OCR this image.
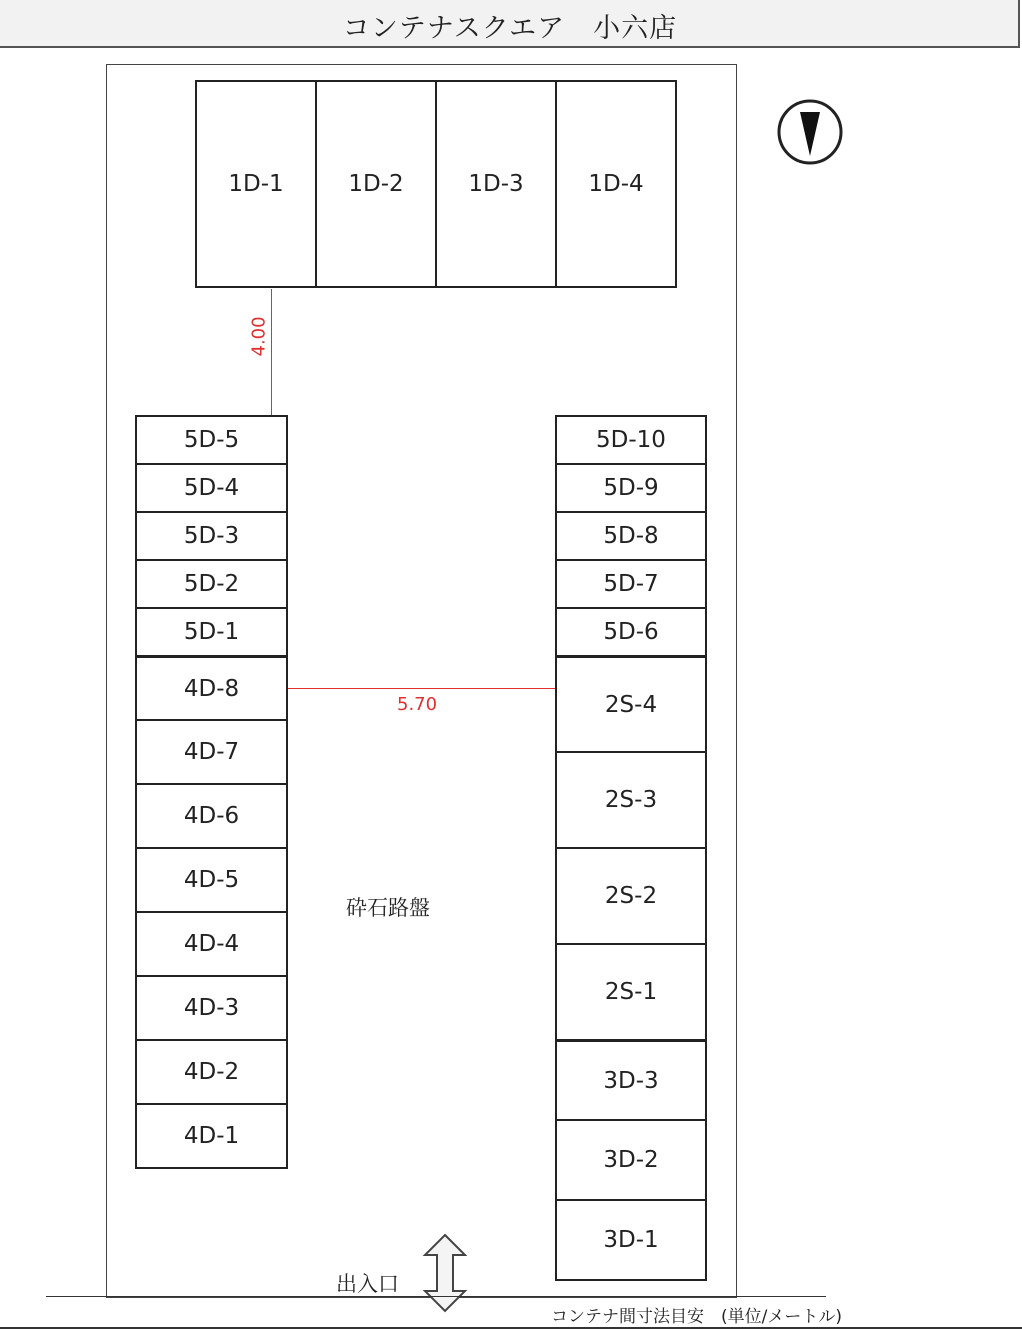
コンテナスクエア　小六店
1D-1	1D-2	1D-3	1D-4
4.00
5D-5
5D-4
5D-3
5D-2
5D-1
4D-8
4D-7
4D-6
4D-5
4D-4
4D-3
4D-2
4D-1
5.70
5D-10
5D-9
5D-8
5D-7
5D-6
2S-4
2S-3
2S-2
2S-1
3D-3
3D-2
3D-1
砕石路盤
出入口
コンテナ間寸法目安　(単位/メートル)
